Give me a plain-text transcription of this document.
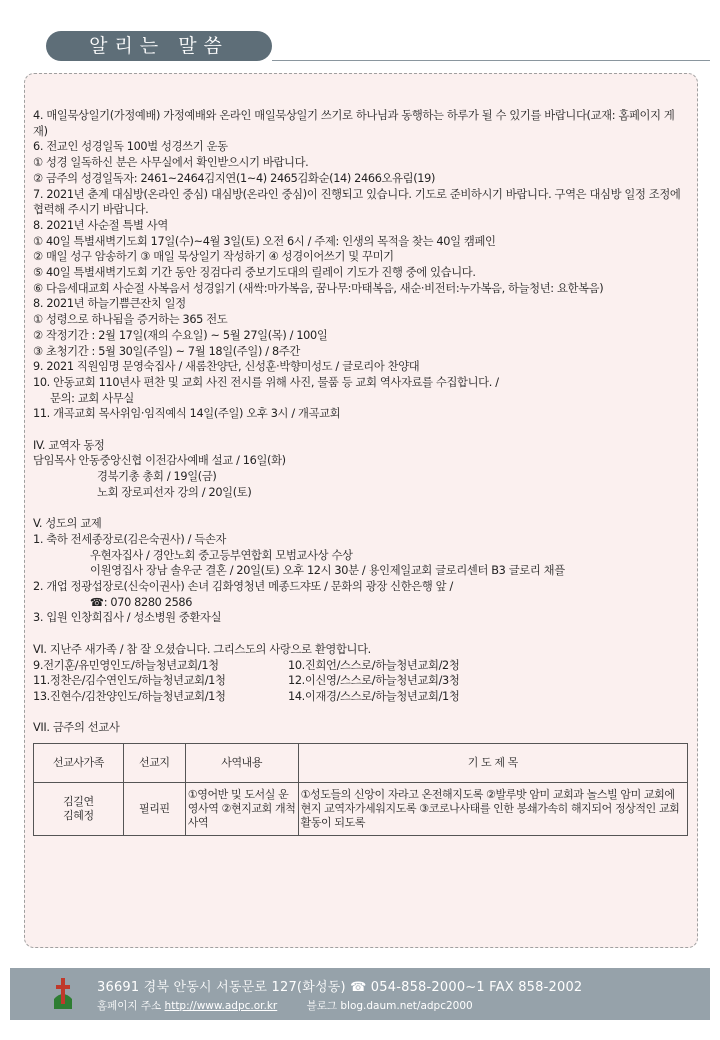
알리는 말씀
4. 매일묵상일기(가정예배) 가정예배와 온라인 매일묵상일기 쓰기로 하나님과 동행하는 하루가 될 수 있기를 바랍니다(교재: 홈페이지 게재)
6. 전교인 성경일독 100벌 성경쓰기 운동
① 성경 일독하신 분은 사무실에서 확인받으시기 바랍니다.
② 금주의 성경일독자: 2461~2464김지연(1~4) 2465김화순(14) 2466오유림(19)
7. 2021년 춘계 대심방(온라인 중심) 대심방(온라인 중심)이 진행되고 있습니다. 기도로 준비하시기 바랍니다. 구역은 대심방 일정 조정에 협력해 주시기 바랍니다.
8. 2021년 사순절 특별 사역
① 40일 특별새벽기도회 17일(수)~4월 3일(토) 오전 6시 / 주제: 인생의 목적을 찾는 40일 캠페인
② 매일 성구 암송하기 ③ 매일 묵상일기 작성하기 ④ 성경이어쓰기 및 꾸미기
⑤ 40일 특별새벽기도회 기간 동안 징검다리 중보기도대의 릴레이 기도가 진행 중에 있습니다.
⑥ 다음세대교회 사순절 사복음서 성경읽기 (새싹:마가복음, 꿈나무:마태복음, 새순·비전터:누가복음, 하늘청년: 요한복음)
8. 2021년 하늘기쁨큰잔치 일정
① 성령으로 하나됨을 증거하는 365 전도
② 작정기간 : 2월 17일(재의 수요일) ~ 5월 27일(목) / 100일
③ 초청기간 : 5월 30일(주일) ~ 7월 18일(주일) / 8주간
9. 2021 직원임명 문영숙집사 / 새롬찬양단, 신성훈·박향미성도 / 글로리아 찬양대
10. 안동교회 110년사 편찬 및 교회 사진 전시를 위해 사진, 물품 등 교회 역사자료를 수집합니다. /
문의: 교회 사무실
11. 개곡교회 목사위임·임직예식 14일(주일) 오후 3시 / 개곡교회
IV. 교역자 동정
담임목사 안동중앙신협 이전감사예배 설교 / 16일(화)
경북기총 총회 / 19일(금)
노회 장로피선자 강의 / 20일(토)
V. 성도의 교제
1. 축하 전세종장로(김은숙권사) / 득손자
우현자집사 / 경안노회 중고등부연합회 모범교사상 수상
이원영집사 장남 솔우군 결혼 / 20일(토) 오후 12시 30분 / 용인제일교회 글로리센터 B3 글로리 채플
2. 개업 정광섭장로(신숙이권사) 손녀 김화영청년 메종드쟈또 / 문화의 광장 신한은행 앞 /
☎: 070 8280 2586
3. 입원 인창희집사 / 성소병원 중환자실
VI. 지난주 새가족 / 참 잘 오셨습니다. 그리스도의 사랑으로 환영합니다.
9.전기훈/유민영인도/하늘청년교회/1청	10.진희언/스스로/하늘청년교회/2청
11.정찬은/김수연인도/하늘청년교회/1청	12.이신영/스스로/하늘청년교회/3청
13.진현수/김찬양인도/하늘청년교회/1청	14.이재경/스스로/하늘청년교회/1청
VII. 금주의 선교사
선교사가족	선교지	사역내용	기 도 제 목
김길연
김혜정	필리핀	①영어반 및 도서실 운영사역 ②현지교회 개척 사역	①성도들의 신앙이 자라고 온전해지도록 ②발루밧 암미 교회과 놀스빌 암미 교회에 현지 교역자가세워지도록 ③코로나사태를 인한 봉쇄가속히 해지되어 정상적인 교회활동이 되도록
36691 경북 안동시 서동문로 127(화성동) ☎ 054-858-2000~1 FAX 858-2002
홈페이지 주소 http://www.adpc.or.kr	블로그 blog.daum.net/adpc2000
